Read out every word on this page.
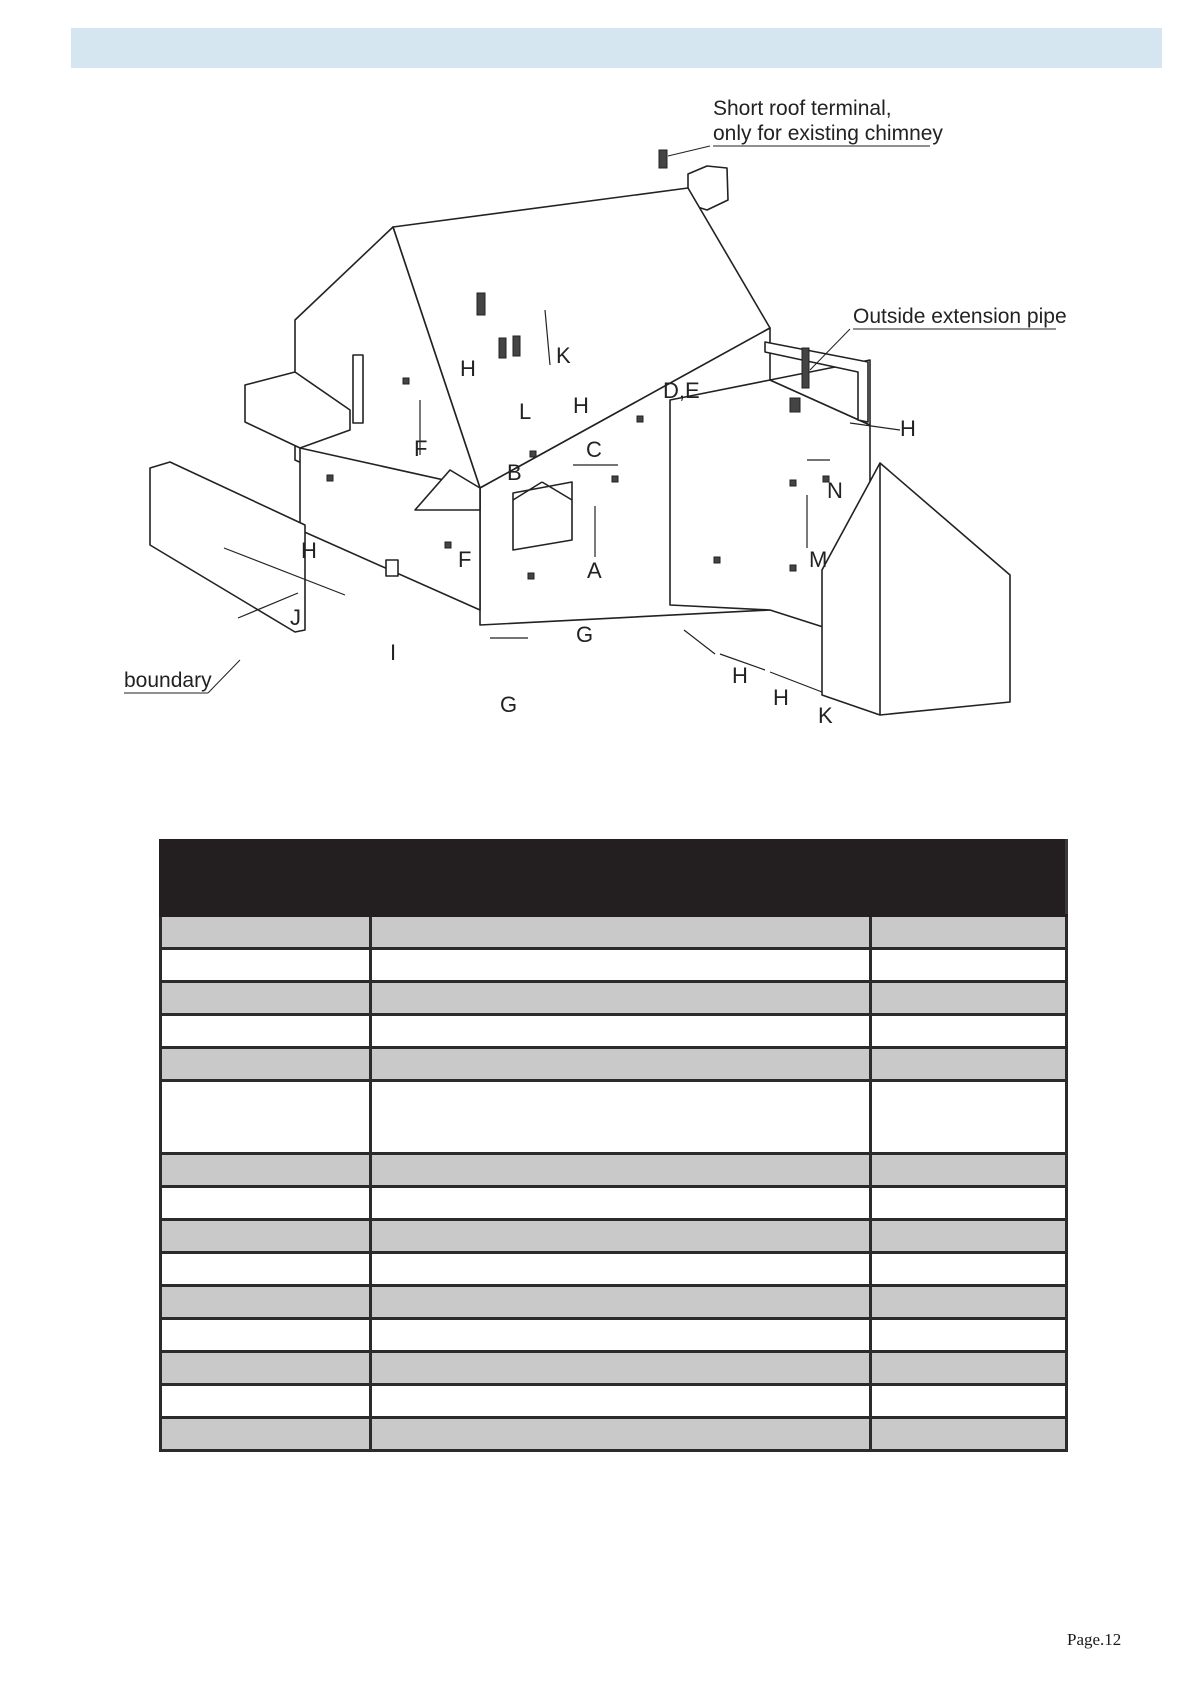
Short roof terminal,
only for existing chimney
Outside extension pipe
boundary
A
B
C
D,E
F
F
G
G
H
H
H
H
H
H
I
J
K
K
L
M
N

Page.12
